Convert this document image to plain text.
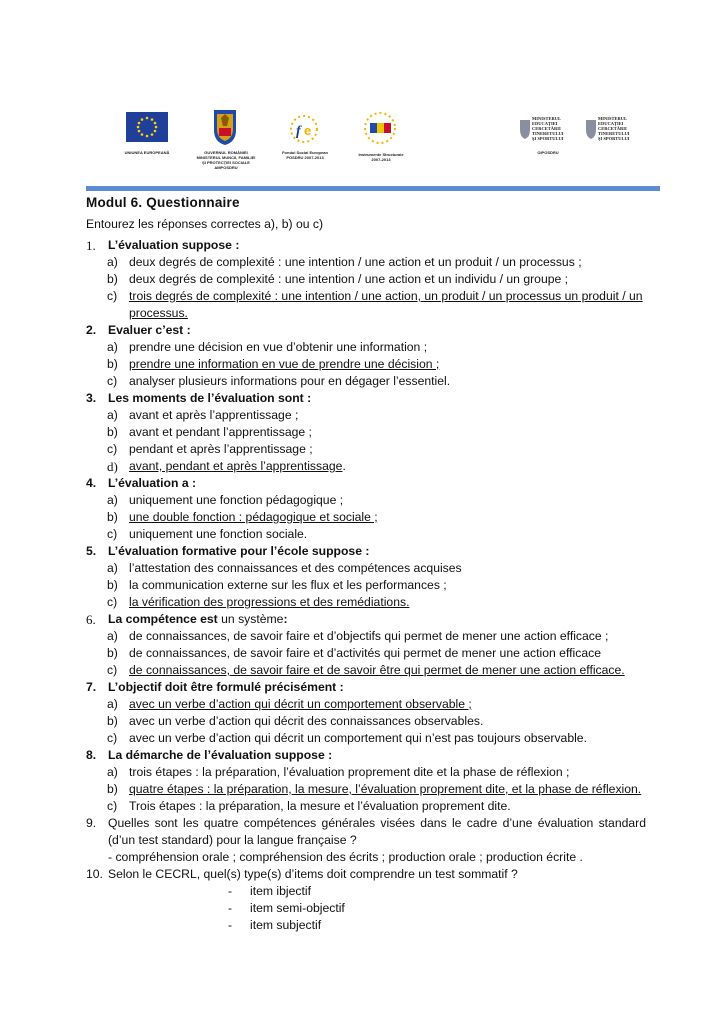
UNIUNEA EUROPEANĂ	GUVERNUL ROMÂNIEI
MINISTERUL MUNCII, FAMILIEI
ŞI PROTECŢIEI SOCIALE
AMPOSDRU
f e
Fondul Social European
POSDRU 2007-2013
Instrumente Structurale
2007-2013
MINISTERUL
EDUCAŢIEI
CERCETĂRII
TINERETULUI
ŞI SPORTULUI
MINISTERUL
EDUCAŢIEI
CERCETĂRII
TINERETULUI
ŞI SPORTULUI
OIPOSDRU
Modul 6. Questionnaire
Entourez les réponses correctes a), b) ou c)
1. L’évaluation suppose :
a) deux degrés de complexité : une intention / une action et un produit / un processus ;
b) deux degrés de complexité : une intention / une action et un individu / un groupe ;
c) trois degrés de complexité : une intention / une action, un produit / un processus un produit / un processus.
2. Evaluer c’est :
a) prendre une décision en vue d’obtenir une information ;
b) prendre une information en vue de prendre une décision ;
c) analyser plusieurs informations pour en dégager l’essentiel.
3. Les moments de l’évaluation sont :
a) avant et après l’apprentissage ;
b) avant et pendant l’apprentissage ;
c) pendant et après l’apprentissage ;
d) avant, pendant et après l’apprentissage.
4. L’évaluation a :
a) uniquement une fonction pédagogique ;
b) une double fonction : pédagogique et sociale ;
c) uniquement une fonction sociale.
5. L’évaluation formative pour l’école suppose :
a) l’attestation des connaissances et des compétences acquises
b) la communication externe sur les flux et les performances ;
c) la vérification des progressions et des remédiations.
6. La compétence est un système:
a) de connaissances, de savoir faire et d’objectifs qui permet de mener une action efficace ;
b) de connaissances, de savoir faire et d’activités qui permet de mener une action efficace
c) de connaissances, de savoir faire et de savoir être qui permet de mener une action efficace.
7. L’objectif doit être formulé précisément :
a) avec un verbe d’action qui décrit un comportement observable ;
b) avec un verbe d’action qui décrit des connaissances observables.
c) avec un verbe d’action qui décrit un comportement qui n’est pas toujours observable.
8. La démarche de l’évaluation suppose :
a) trois étapes : la préparation, l’évaluation proprement dite et la phase de réflexion ;
b) quatre étapes : la préparation, la mesure, l’évaluation proprement dite, et la phase de réflexion.
c) Trois étapes : la préparation, la mesure et l’évaluation proprement dite.
9. Quelles sont les quatre compétences générales visées dans le cadre d’une évaluation standard (d’un test standard) pour la langue française ?
- compréhension orale ; compréhension des écrits ; production orale ; production écrite .
10. Selon le CECRL, quel(s) type(s) d’items doit comprendre un test sommatif ?
- item ibjectif
- item semi-objectif
- item subjectif
